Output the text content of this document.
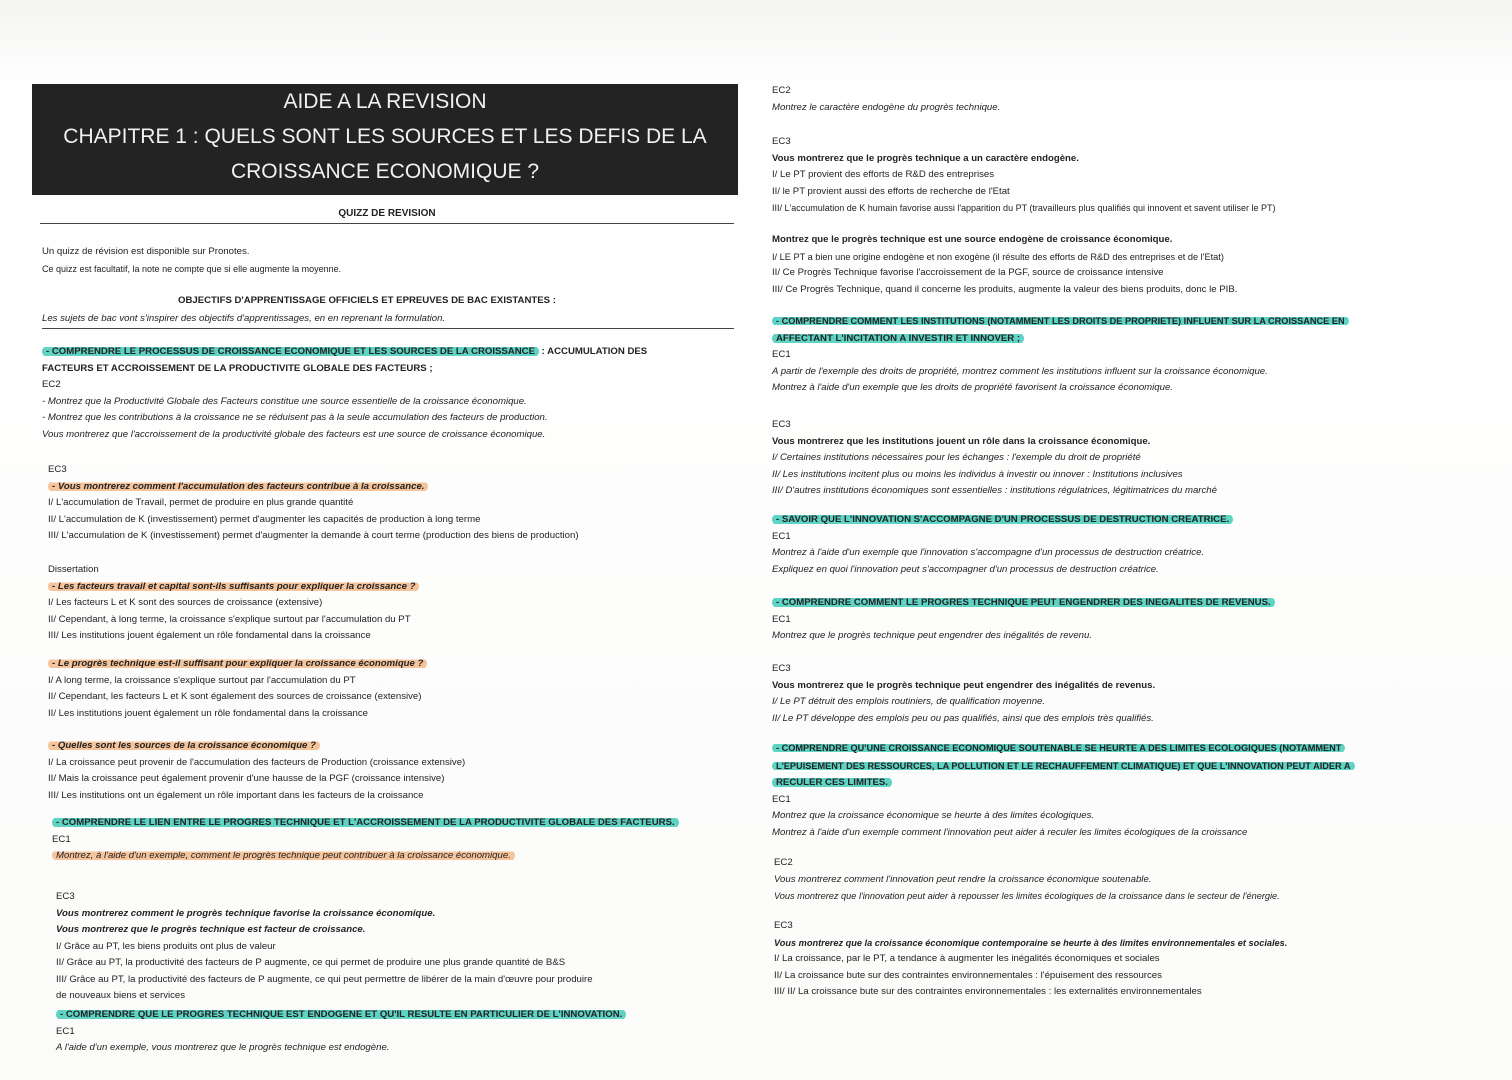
AIDE A LA REVISION
CHAPITRE 1 : QUELS SONT LES SOURCES ET LES DEFIS DE LA
CROISSANCE ECONOMIQUE ?
QUIZZ DE REVISION
Un quizz de révision est disponible sur Pronotes.
Ce quizz est facultatif, la note ne compte que si elle augmente la moyenne.
OBJECTIFS D'APPRENTISSAGE OFFICIELS ET EPREUVES DE BAC EXISTANTES :
Les sujets de bac vont s'inspirer des objectifs d'apprentissages, en en reprenant la formulation.
- COMPRENDRE LE PROCESSUS DE CROISSANCE ECONOMIQUE ET LES SOURCES DE LA CROISSANCE : ACCUMULATION DES
FACTEURS ET ACCROISSEMENT DE LA PRODUCTIVITE GLOBALE DES FACTEURS ;
EC2
- Montrez que la Productivité Globale des Facteurs constitue une source essentielle de la croissance économique.
- Montrez que les contributions à la croissance ne se réduisent pas à la seule accumulation des facteurs de production.
Vous montrerez que l'accroissement de la productivité globale des facteurs est une source de croissance économique.
EC3
- Vous montrerez comment l'accumulation des facteurs contribue à la croissance.
I/ L'accumulation de Travail, permet de produire en plus grande quantité
II/ L'accumulation de K (investissement) permet d'augmenter les capacités de production à long terme
III/ L'accumulation de K (investissement) permet d'augmenter la demande à court terme (production des biens de production)
Dissertation
- Les facteurs travail et capital sont-ils suffisants pour expliquer la croissance ?
I/ Les facteurs L et K sont des sources de croissance (extensive)
II/ Cependant, à long terme, la croissance s'explique surtout par l'accumulation du PT
III/ Les institutions jouent également un rôle fondamental dans la croissance
- Le progrès technique est-il suffisant pour expliquer la croissance économique ?
I/ A long terme, la croissance s'explique surtout par l'accumulation du PT
II/ Cependant, les facteurs L et K sont également des sources de croissance (extensive)
II/ Les institutions jouent également un rôle fondamental dans la croissance
- Quelles sont les sources de la croissance économique ?
I/ La croissance peut provenir de l'accumulation des facteurs de Production (croissance extensive)
II/ Mais la croissance peut également provenir d'une hausse de la PGF (croissance intensive)
III/ Les institutions ont un également un rôle important dans les facteurs de la croissance
- COMPRENDRE LE LIEN ENTRE LE PROGRES TECHNIQUE ET L'ACCROISSEMENT DE LA PRODUCTIVITE GLOBALE DES FACTEURS.
EC1
Montrez, à l'aide d'un exemple, comment le progrès technique peut contribuer à la croissance économique.
EC3
Vous montrerez comment le progrès technique favorise la croissance économique.
Vous montrerez que le progrès technique est facteur de croissance.
I/ Grâce au PT, les biens produits ont plus de valeur
II/ Grâce au PT, la productivité des facteurs de P augmente, ce qui permet de produire une plus grande quantité de B&S
III/ Grâce au PT, la productivité des facteurs de P augmente, ce qui peut permettre de libérer de la main d'œuvre pour produire
de nouveaux biens et services
- COMPRENDRE QUE LE PROGRES TECHNIQUE EST ENDOGENE ET QU'IL RESULTE EN PARTICULIER DE L'INNOVATION.
EC1
A l'aide d'un exemple, vous montrerez que le progrès technique est endogène.
EC2
Montrez le caractère endogène du progrès technique.
EC3
Vous montrerez que le progrès technique a un caractère endogène.
I/ Le PT provient des efforts de R&D des entreprises
II/ le PT provient aussi des efforts de recherche de l'Etat
III/ L'accumulation de K humain favorise aussi l'apparition du PT (travailleurs plus qualifiés qui innovent et savent utiliser le PT)
Montrez que le progrès technique est une source endogène de croissance économique.
I/ LE PT a bien une origine endogène et non exogène (il résulte des efforts de R&D des entreprises et de l'Etat)
II/ Ce Progrès Technique favorise l'accroissement de la PGF, source de croissance intensive
III/ Ce Progrès Technique, quand il concerne les produits, augmente la valeur des biens produits, donc le PIB.
- COMPRENDRE COMMENT LES INSTITUTIONS (NOTAMMENT LES DROITS DE PROPRIETE) INFLUENT SUR LA CROISSANCE EN
AFFECTANT L'INCITATION A INVESTIR ET INNOVER ;
EC1
A partir de l'exemple des droits de propriété, montrez comment les institutions influent sur la croissance économique.
Montrez à l'aide d'un exemple que les droits de propriété favorisent la croissance économique.
EC3
Vous montrerez que les institutions jouent un rôle dans la croissance économique.
I/ Certaines institutions nécessaires pour les échanges : l'exemple du droit de propriété
II/ Les institutions incitent plus ou moins les individus à investir ou innover : Institutions inclusives
III/ D'autres institutions économiques sont essentielles : institutions régulatrices, légitimatrices du marché
- SAVOIR QUE L'INNOVATION S'ACCOMPAGNE D'UN PROCESSUS DE DESTRUCTION CREATRICE.
EC1
Montrez à l'aide d'un exemple que l'innovation s'accompagne d'un processus de destruction créatrice.
Expliquez en quoi l'innovation peut s'accompagner d'un processus de destruction créatrice.
- COMPRENDRE COMMENT LE PROGRES TECHNIQUE PEUT ENGENDRER DES INEGALITES DE REVENUS.
EC1
Montrez que le progrès technique peut engendrer des inégalités de revenu.
EC3
Vous montrerez que le progrès technique peut engendrer des inégalités de revenus.
I/ Le PT détruit des emplois routiniers, de qualification moyenne.
II/ Le PT développe des emplois peu ou pas qualifiés, ainsi que des emplois très qualifiés.
- COMPRENDRE QU'UNE CROISSANCE ECONOMIQUE SOUTENABLE SE HEURTE A DES LIMITES ECOLOGIQUES (NOTAMMENT
L'EPUISEMENT DES RESSOURCES, LA POLLUTION ET LE RECHAUFFEMENT CLIMATIQUE) ET QUE L'INNOVATION PEUT AIDER A
RECULER CES LIMITES.
EC1
Montrez que la croissance économique se heurte à des limites écologiques.
Montrez à l'aide d'un exemple comment l'innovation peut aider à reculer les limites écologiques de la croissance
EC2
Vous montrerez comment l'innovation peut rendre la croissance économique soutenable.
Vous montrerez que l'innovation peut aider à repousser les limites écologiques de la croissance dans le secteur de l'énergie.
EC3
Vous montrerez que la croissance économique contemporaine se heurte à des limites environnementales et sociales.
I/ La croissance, par le PT, a tendance à augmenter les inégalités économiques et sociales
II/ La croissance bute sur des contraintes environnementales : l'épuisement des ressources
III/ II/ La croissance bute sur des contraintes environnementales : les externalités environnementales
